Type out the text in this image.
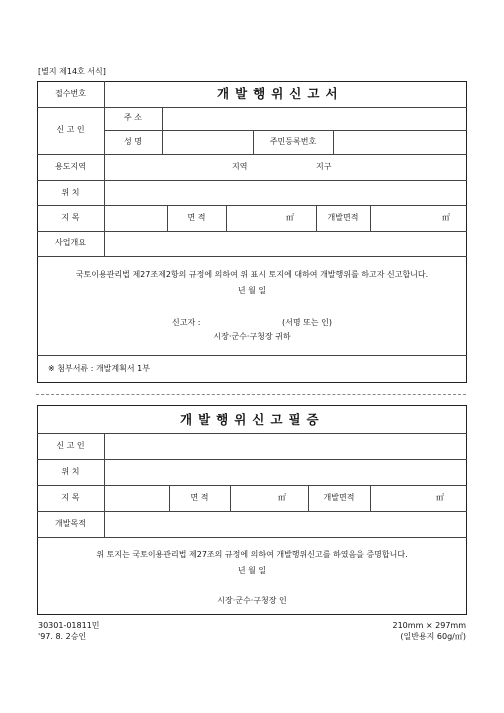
[별지 제14호 서식]
접수번호	개발행위신고서
신 고 인
주 소
성 명	주민등록번호
용도지역	지역	지구
위 치
지 목	면 적	㎡	개발면적	㎡
사업개요
국토이용관리법 제27조제2항의 규정에 의하여 위 표시 토지에 대하여 개발행위를 하고자 신고합니다.
년 월 일
신고자 :	(서명 또는 인)
시장·군수·구청장 귀하
※ 첨부서류 : 개발계획서 1부
개발행위신고필증
신 고 인
위 치
지 목	면 적	㎡	개발면적	㎡
개발목적
위 토지는 국토이용관리법 제27조의 규정에 의하여 개발행위신고를 하였음을 증명합니다.
년 월 일
시장·군수·구청장 인
30301-01811민
'97. 8. 2승인
210mm × 297mm
(일반용지 60g/㎡)
